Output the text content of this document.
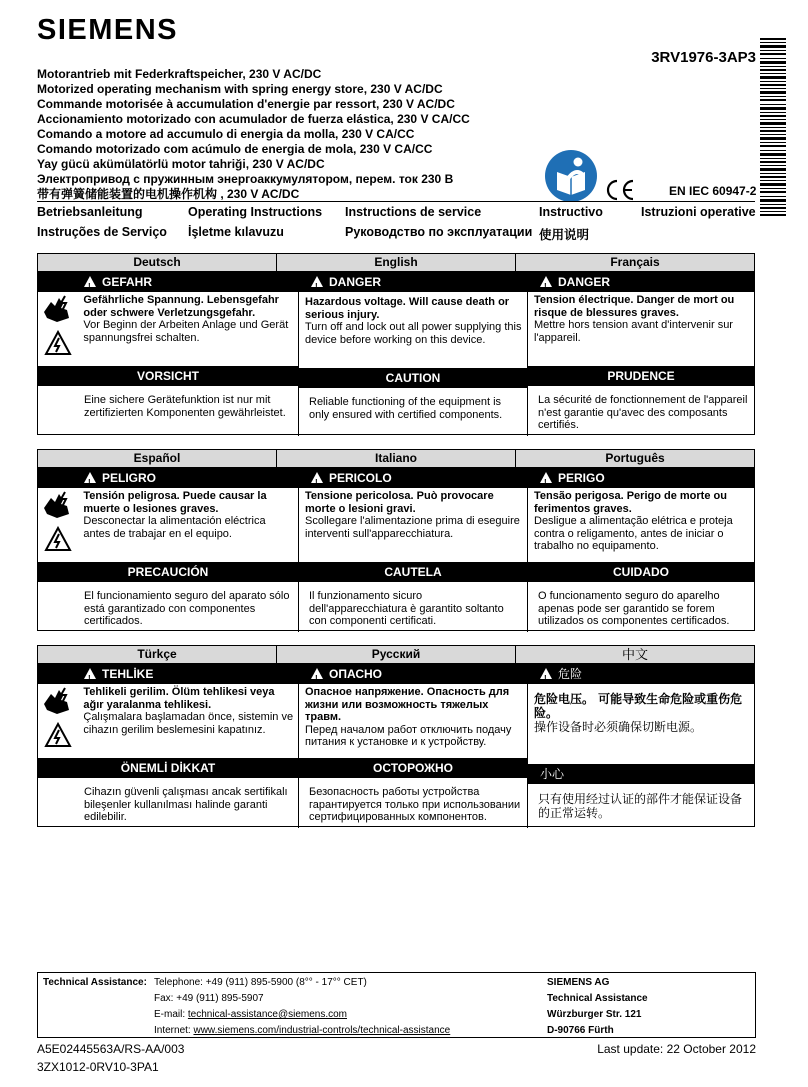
SIEMENS
3RV1976-3AP3
Motorantrieb mit Federkraftspeicher, 230 V AC/DC
Motorized operating mechanism with spring energy store, 230 V AC/DC
Commande motorisée à accumulation d'energie par ressort, 230 V AC/DC
Accionamiento motorizado con acumulador de fuerza elástica, 230 V CA/CC
Comando a motore ad accumulo di energia da molla, 230 V CA/CC
Comando motorizado com acúmulo de energia de mola, 230 V CA/CC
Yay gücü akümülatörlü motor tahriği, 230 V AC/DC
Электропривод с пружинным энергоаккумулятором, перем. ток 230 В
带有弹簧储能装置的电机操作机构 , 230 V AC/DC	EN IEC 60947-2
Betriebsanleitung	Operating Instructions Instructions de service	Instructivo	Istruzioni operative
Instruções de Serviço İşletme kılavuzu	Руководство по эксплуатации 使用说明
Deutsch	English	Français
!GEFAHR
Gefährliche Spannung. Lebensgefahr oder schwere Verletzungsgefahr.
Vor Beginn der Arbeiten Anlage und Gerät spannungsfrei schalten.
VORSICHT
Eine sichere Gerätefunktion ist nur mit zertifizierten Komponenten gewährleistet.
!DANGER
Hazardous voltage. Will cause death or serious injury.
Turn off and lock out all power supplying this device before working on this device.
CAUTION
Reliable functioning of the equipment is only ensured with certified components.
!DANGER
Tension électrique. Danger de mort ou risque de blessures graves.
Mettre hors tension avant d'intervenir sur l'appareil.
PRUDENCE
La sécurité de fonctionnement de l'appareil n'est garantie qu'avec des composants certifiés.
Español	Italiano	Português
!PELIGRO
Tensión peligrosa. Puede causar la muerte o lesiones graves.
Desconectar la alimentación eléctrica antes de trabajar en el equipo.
PRECAUCIÓN
El funcionamiento seguro del aparato sólo está garantizado con componentes certificados.
!PERICOLO
Tensione pericolosa. Può provocare morte o lesioni gravi.
Scollegare l'alimentazione prima di eseguire interventi sull'apparecchiatura.
CAUTELA
Il funzionamento sicuro dell'apparecchiatura è garantito soltanto con componenti certificati.
!PERIGO
Tensão perigosa. Perigo de morte ou ferimentos graves.
Desligue a alimentação elétrica e proteja contra o religamento, antes de iniciar o trabalho no equipamento.
CUIDADO
O funcionamento seguro do aparelho apenas pode ser garantido se forem utilizados os componentes certificados.
Türkçe	Русский	中文
!TEHLİKE
Tehlikeli gerilim. Ölüm tehlikesi veya ağır yaralanma tehlikesi.
Çalışmalara başlamadan önce, sistemin ve cihazın gerilim beslemesini kapatınız.
ÖNEMLİ DİKKAT
Cihazın güvenli çalışması ancak sertifikalı bileşenler kullanılması halinde garanti edilebilir.
!ОПАСНО
Опасное напряжение. Опасность для жизни или возможность тяжелых травм.
Перед началом работ отключить подачу питания к установке и к устройству.
ОСТОРОЖНО
Безопасность работы устройства гарантируется только при использовании сертифицированных компонентов.
!危险
危险电压。 可能导致生命危险或重伤危险。
操作设备时必须确保切断电源。
小心
只有使用经过认证的部件才能保证设备的正常运转。
Technical Assistance: Telephone: +49 (911) 895-5900 (8°° - 17°° CET)
Fax: +49 (911) 895-5907
E-mail: technical-assistance@siemens.com
Internet: www.siemens.com/industrial-controls/technical-assistance
SIEMENS AG
Technical Assistance
Würzburger Str. 121
D-90766 Fürth
A5E02445563A/RS-AA/003
3ZX1012-0RV10-3PA1
Last update: 22 October 2012
